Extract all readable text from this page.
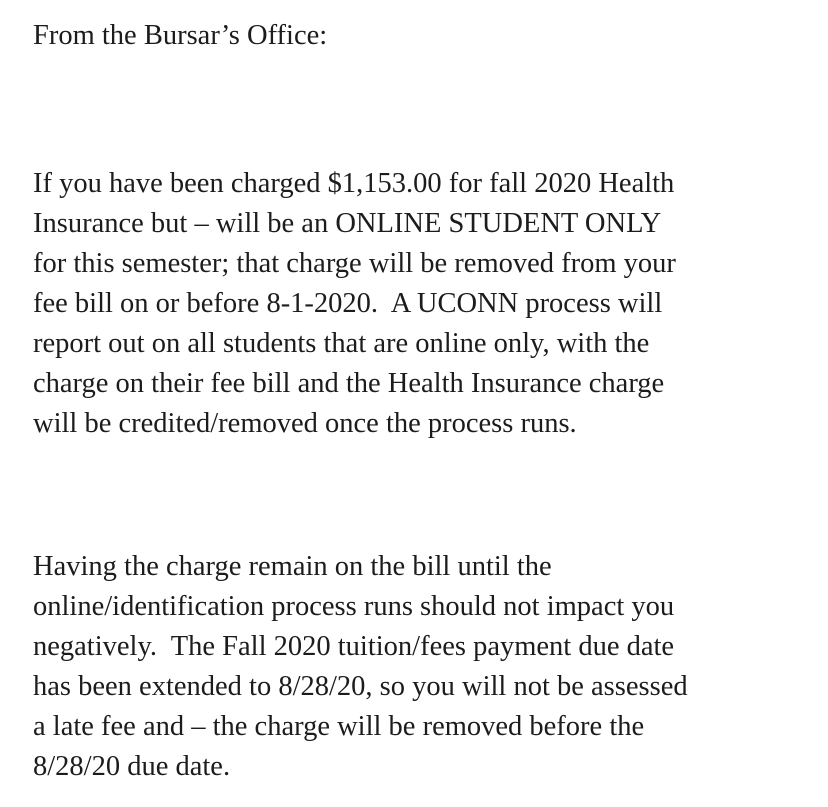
From the Bursar’s Office:
If you have been charged $1,153.00 for fall 2020 Health
Insurance but – will be an ONLINE STUDENT ONLY
for this semester; that charge will be removed from your
fee bill on or before 8-1-2020.  A UCONN process will
report out on all students that are online only, with the
charge on their fee bill and the Health Insurance charge
will be credited/removed once the process runs.
Having the charge remain on the bill until the
online/identification process runs should not impact you
negatively.  The Fall 2020 tuition/fees payment due date
has been extended to 8/28/20, so you will not be assessed
a late fee and – the charge will be removed before the
8/28/20 due date.
